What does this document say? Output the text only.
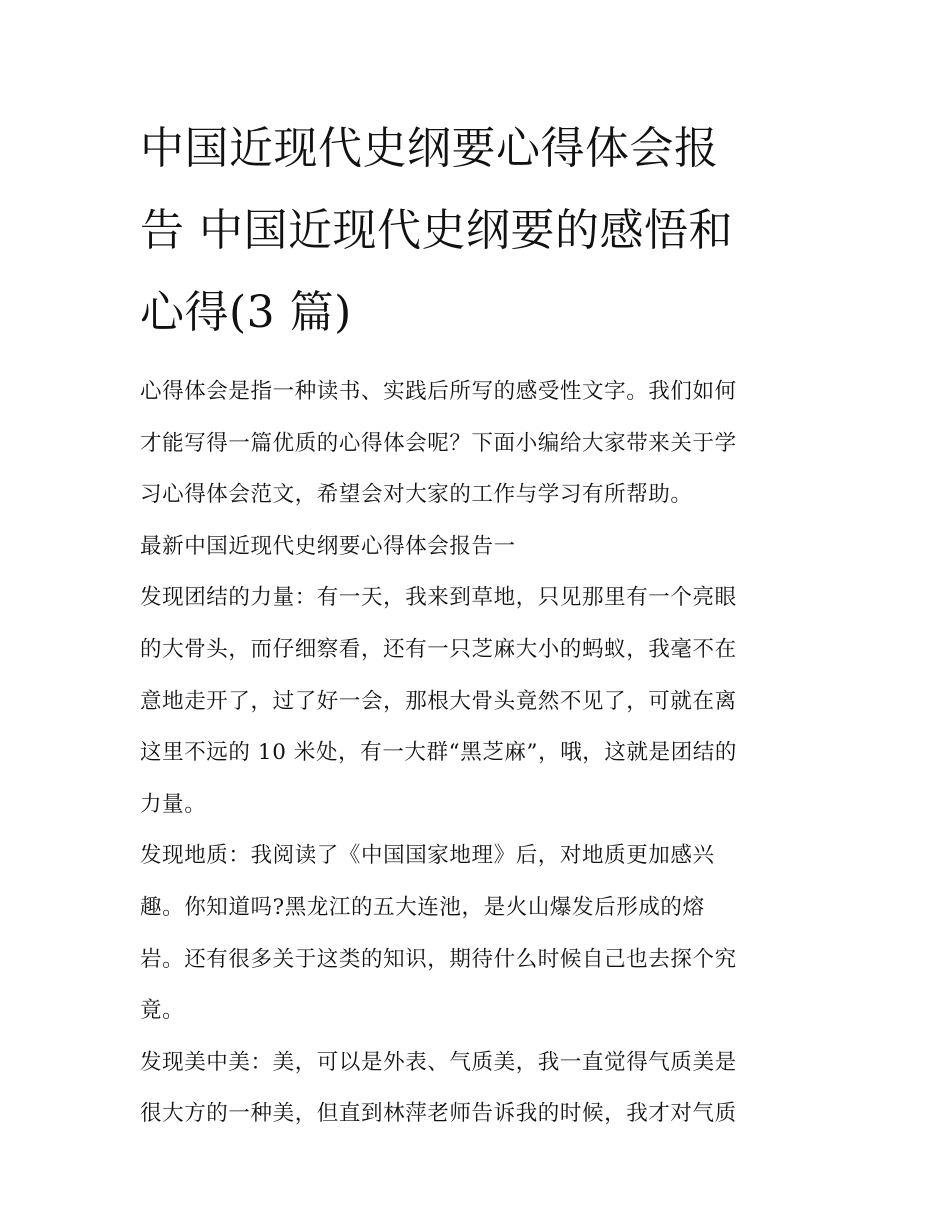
中国近现代史纲要心得体会报
告 中国近现代史纲要的感悟和
心得(3 篇)
心得体会是指一种读书、实践后所写的感受性文字。我们如何
才能写得一篇优质的心得体会呢？下面小编给大家带来关于学
习心得体会范文，希望会对大家的工作与学习有所帮助。
最新中国近现代史纲要心得体会报告一
发现团结的力量：有一天，我来到草地，只见那里有一个亮眼
的大骨头，而仔细察看，还有一只芝麻大小的蚂蚁，我毫不在
意地走开了，过了好一会，那根大骨头竟然不见了，可就在离
这里不远的 10 米处，有一大群“黑芝麻”，哦，这就是团结的
力量。
发现地质：我阅读了《中国国家地理》后，对地质更加感兴
趣。你知道吗?黑龙江的五大连池，是火山爆发后形成的熔
岩。还有很多关于这类的知识，期待什么时候自己也去探个究
竟。
发现美中美：美，可以是外表、气质美，我一直觉得气质美是
很大方的一种美，但直到林萍老师告诉我的时候，我才对气质
